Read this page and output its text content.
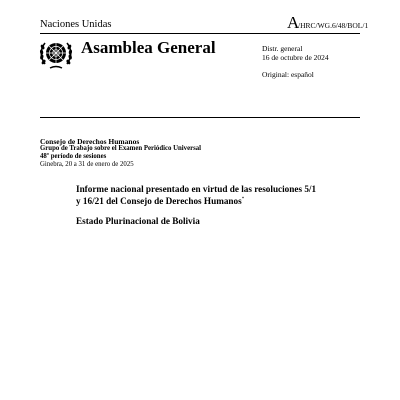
Naciones Unidas	A
/HRC/WG.6/48/BOL/1
Asamblea General	Distr. general
16 de octubre de 2024
Original: español
Consejo de Derechos Humanos
Grupo de Trabajo sobre el Examen Periódico Universal
48º período de sesiones
Ginebra, 20 a 31 de enero de 2025
Informe nacional presentado en virtud de las resoluciones 5/1
y 16/21 del Consejo de Derechos Humanos*
Estado Plurinacional de Bolivia
